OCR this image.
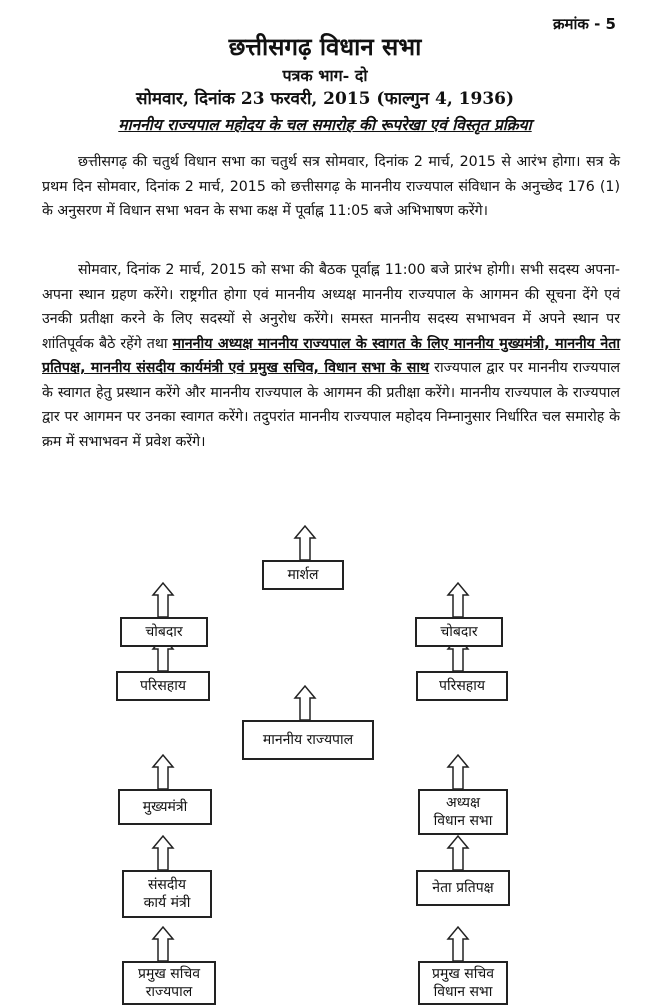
क्रमांक - 5
छत्तीसगढ़ विधान सभा
पत्रक भाग- दो
सोमवार, दिनांक 23 फरवरी, 2015 (फाल्गुन 4, 1936)
माननीय राज्यपाल महोदय के चल समारोह की रूपरेखा एवं विस्तृत प्रक्रिया
छत्तीसगढ़ की चतुर्थ विधान सभा का चतुर्थ सत्र सोमवार, दिनांक 2 मार्च, 2015 से आरंभ होगा। सत्र के प्रथम दिन सोमवार, दिनांक 2 मार्च, 2015 को छत्तीसगढ़ के माननीय राज्यपाल संविधान के अनुच्छेद 176 (1) के अनुसरण में विधान सभा भवन के सभा कक्ष में पूर्वाह्न 11:05 बजे अभिभाषण करेंगे।
सोमवार, दिनांक 2 मार्च, 2015 को सभा की बैठक पूर्वाह्न 11:00 बजे प्रारंभ होगी। सभी सदस्य अपना-अपना स्थान ग्रहण करेंगे। राष्ट्रगीत होगा एवं माननीय अध्यक्ष माननीय राज्यपाल के आगमन की सूचना देंगे एवं उनकी प्रतीक्षा करने के लिए सदस्यों से अनुरोध करेंगे। समस्त माननीय सदस्य सभाभवन में अपने स्थान पर शांतिपूर्वक बैठे रहेंगे तथा माननीय अध्यक्ष माननीय राज्यपाल के स्वागत के लिए माननीय मुख्यमंत्री, माननीय नेता प्रतिपक्ष, माननीय संसदीय कार्यमंत्री एवं प्रमुख सचिव, विधान सभा के साथ राज्यपाल द्वार पर माननीय राज्यपाल के स्वागत हेतु प्रस्थान करेंगे और माननीय राज्यपाल के आगमन की प्रतीक्षा करेंगे। माननीय राज्यपाल के राज्यपाल द्वार पर आगमन पर उनका स्वागत करेंगे। तदुपरांत माननीय राज्यपाल महोदय निम्नानुसार निर्धारित चल समारोह के क्रम में सभाभवन में प्रवेश करेंगे।
मार्शल
चोबदार	चोबदार
परिसहाय	परिसहाय
माननीय राज्यपाल
मुख्यमंत्री	अध्यक्ष
विधान सभा
संसदीय
कार्य मंत्री
नेता प्रतिपक्ष
प्रमुख सचिव
राज्यपाल
प्रमुख सचिव
विधान सभा
